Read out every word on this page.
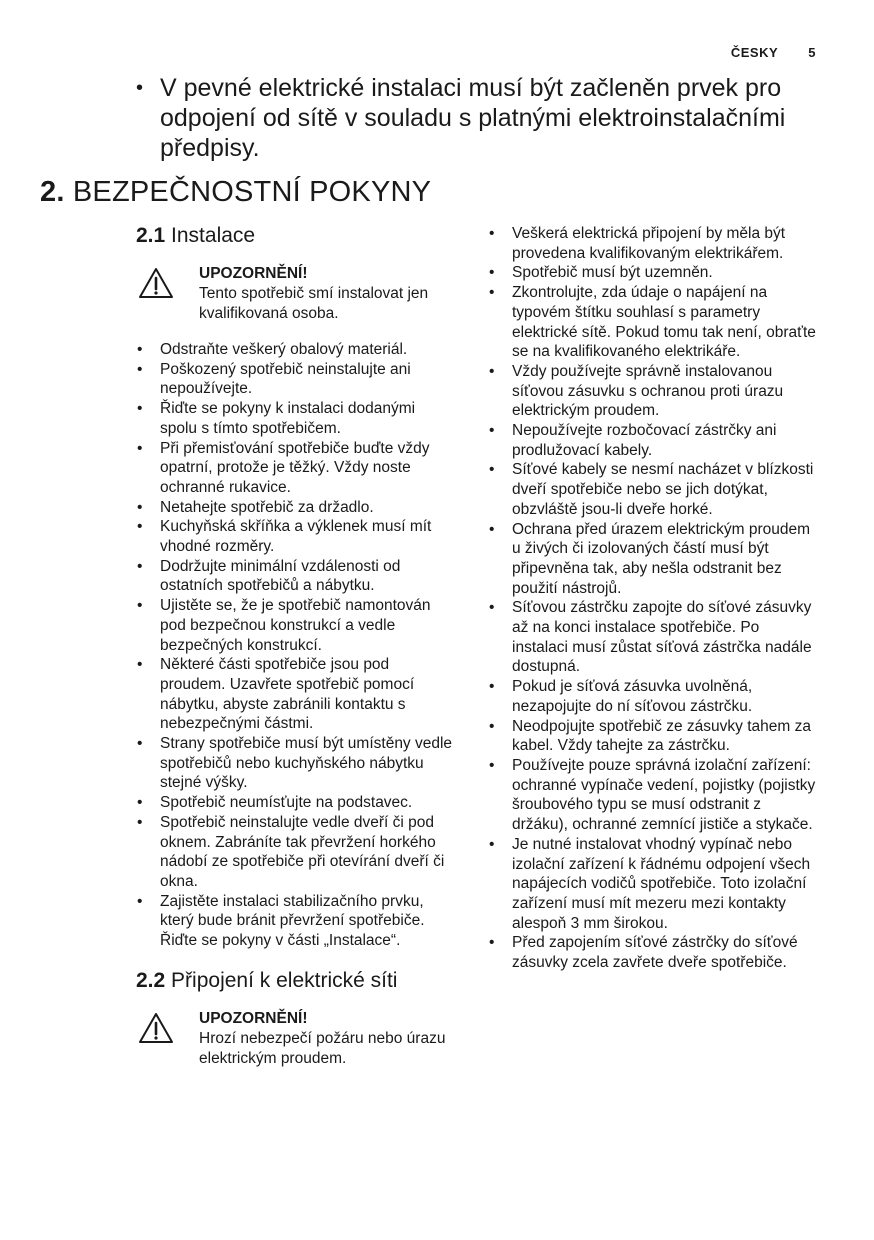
ČESKY 5
• V pevné elektrické instalaci musí být začleněn prvek pro odpojení od sítě v souladu s platnými elektroinstalačními předpisy.
2. BEZPEČNOSTNÍ POKYNY
2.1 Instalace
UPOZORNĚNÍ!
Tento spotřebič smí instalovat jen kvalifikovaná osoba.
• Odstraňte veškerý obalový materiál.
• Poškozený spotřebič neinstalujte ani nepoužívejte.
• Řiďte se pokyny k instalaci dodanými spolu s tímto spotřebičem.
• Při přemisťování spotřebiče buďte vždy opatrní, protože je těžký. Vždy noste ochranné rukavice.
• Netahejte spotřebič za držadlo.
• Kuchyňská skříňka a výklenek musí mít vhodné rozměry.
• Dodržujte minimální vzdálenosti od ostatních spotřebičů a nábytku.
• Ujistěte se, že je spotřebič namontován pod bezpečnou konstrukcí a vedle bezpečných konstrukcí.
• Některé části spotřebiče jsou pod proudem. Uzavřete spotřebič pomocí nábytku, abyste zabránili kontaktu s nebezpečnými částmi.
• Strany spotřebiče musí být umístěny vedle spotřebičů nebo kuchyňského nábytku stejné výšky.
• Spotřebič neumísťujte na podstavec.
• Spotřebič neinstalujte vedle dveří či pod oknem. Zabráníte tak převržení horkého nádobí ze spotřebiče při otevírání dveří či okna.
• Zajistěte instalaci stabilizačního prvku, který bude bránit převržení spotřebiče. Řiďte se pokyny v části „Instalace“.
2.2 Připojení k elektrické síti
UPOZORNĚNÍ!
Hrozí nebezpečí požáru nebo úrazu elektrickým proudem.
• Veškerá elektrická připojení by měla být provedena kvalifikovaným elektrikářem.
• Spotřebič musí být uzemněn.
• Zkontrolujte, zda údaje o napájení na typovém štítku souhlasí s parametry elektrické sítě. Pokud tomu tak není, obraťte se na kvalifikovaného elektrikáře.
• Vždy používejte správně instalovanou síťovou zásuvku s ochranou proti úrazu elektrickým proudem.
• Nepoužívejte rozbočovací zástrčky ani prodlužovací kabely.
• Síťové kabely se nesmí nacházet v blízkosti dveří spotřebiče nebo se jich dotýkat, obzvláště jsou-li dveře horké.
• Ochrana před úrazem elektrickým proudem u živých či izolovaných částí musí být připevněna tak, aby nešla odstranit bez použití nástrojů.
• Síťovou zástrčku zapojte do síťové zásuvky až na konci instalace spotřebiče. Po instalaci musí zůstat síťová zástrčka nadále dostupná.
• Pokud je síťová zásuvka uvolněná, nezapojujte do ní síťovou zástrčku.
• Neodpojujte spotřebič ze zásuvky tahem za kabel. Vždy tahejte za zástrčku.
• Používejte pouze správná izolační zařízení: ochranné vypínače vedení, pojistky (pojistky šroubového typu se musí odstranit z držáku), ochranné zemnící jističe a stykače.
• Je nutné instalovat vhodný vypínač nebo izolační zařízení k řádnému odpojení všech napájecích vodičů spotřebiče. Toto izolační zařízení musí mít mezeru mezi kontakty alespoň 3 mm širokou.
• Před zapojením síťové zástrčky do síťové zásuvky zcela zavřete dveře spotřebiče.
